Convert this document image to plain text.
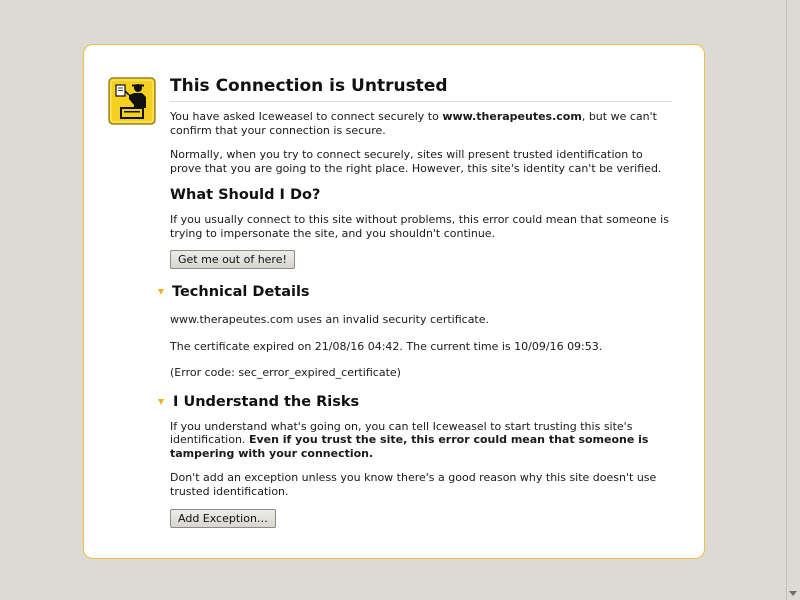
This Connection is Untrusted

You have asked Iceweasel to connect securely to www.therapeutes.com, but we can't confirm that your connection is secure.

Normally, when you try to connect securely, sites will present trusted identification to prove that you are going to the right place. However, this site's identity can't be verified.

What Should I Do?

If you usually connect to this site without problems, this error could mean that someone is trying to impersonate the site, and you shouldn't continue.

Get me out of here!
Technical Details

www.therapeutes.com uses an invalid security certificate.

The certificate expired on 21/08/16 04:42. The current time is 10/09/16 09:53.

(Error code: sec_error_expired_certificate)

I Understand the Risks

If you understand what's going on, you can tell Iceweasel to start trusting this site's identification. Even if you trust the site, this error could mean that someone is tampering with your connection.

Don't add an exception unless you know there's a good reason why this site doesn't use trusted identification.

Add Exception…
